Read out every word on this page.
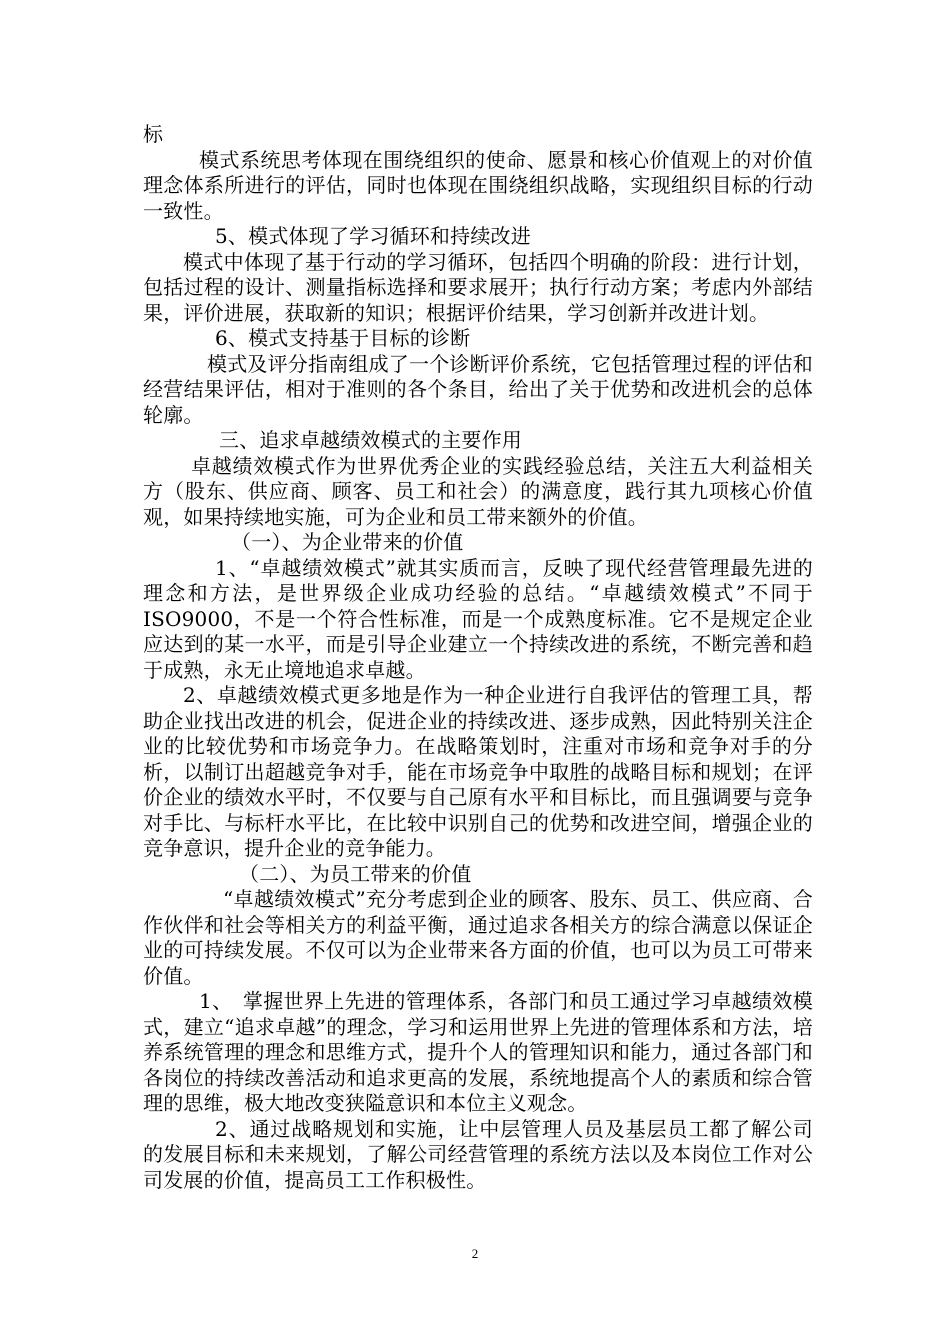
标

模式系统思考体现在围绕组织的使命、愿景和核心价值观上的对价值理念体系所进行的评估，同时也体现在围绕组织战略，实现组织目标的行动一致性。

5、模式体现了学习循环和持续改进

模式中体现了基于行动的学习循环，包括四个明确的阶段：进行计划，包括过程的设计、测量指标选择和要求展开；执行行动方案；考虑内外部结果，评价进展，获取新的知识；根据评价结果，学习创新并改进计划。

6、模式支持基于目标的诊断

模式及评分指南组成了一个诊断评价系统，它包括管理过程的评估和经营结果评估，相对于准则的各个条目，给出了关于优势和改进机会的总体轮廓。

三、追求卓越绩效模式的主要作用

卓越绩效模式作为世界优秀企业的实践经验总结，关注五大利益相关方（股东、供应商、顾客、员工和社会）的满意度，践行其九项核心价值观，如果持续地实施，可为企业和员工带来额外的价值。

（一）、为企业带来的价值

1、“卓越绩效模式”就其实质而言，反映了现代经营管理最先进的理念和方法，是世界级企业成功经验的总结。“卓越绩效模式”不同于ISO9000，不是一个符合性标准，而是一个成熟度标准。它不是规定企业应达到的某一水平，而是引导企业建立一个持续改进的系统，不断完善和趋于成熟，永无止境地追求卓越。

2、卓越绩效模式更多地是作为一种企业进行自我评估的管理工具，帮助企业找出改进的机会，促进企业的持续改进、逐步成熟，因此特别关注企业的比较优势和市场竞争力。在战略策划时，注重对市场和竞争对手的分析，以制订出超越竞争对手，能在市场竞争中取胜的战略目标和规划；在评价企业的绩效水平时，不仅要与自己原有水平和目标比，而且强调要与竞争对手比、与标杆水平比，在比较中识别自己的优势和改进空间，增强企业的竞争意识，提升企业的竞争能力。

（二）、为员工带来的价值

“卓越绩效模式”充分考虑到企业的顾客、股东、员工、供应商、合作伙伴和社会等相关方的利益平衡，通过追求各相关方的综合满意以保证企业的可持续发展。不仅可以为企业带来各方面的价值，也可以为员工可带来价值。

1、　掌握世界上先进的管理体系，各部门和员工通过学习卓越绩效模式，建立“追求卓越”的理念，学习和运用世界上先进的管理体系和方法，培养系统管理的理念和思维方式，提升个人的管理知识和能力，通过各部门和各岗位的持续改善活动和追求更高的发展，系统地提高个人的素质和综合管理的思维，极大地改变狭隘意识和本位主义观念。

2、通过战略规划和实施，让中层管理人员及基层员工都了解公司的发展目标和未来规划，了解公司经营管理的系统方法以及本岗位工作对公司发展的价值，提高员工工作积极性。

2
